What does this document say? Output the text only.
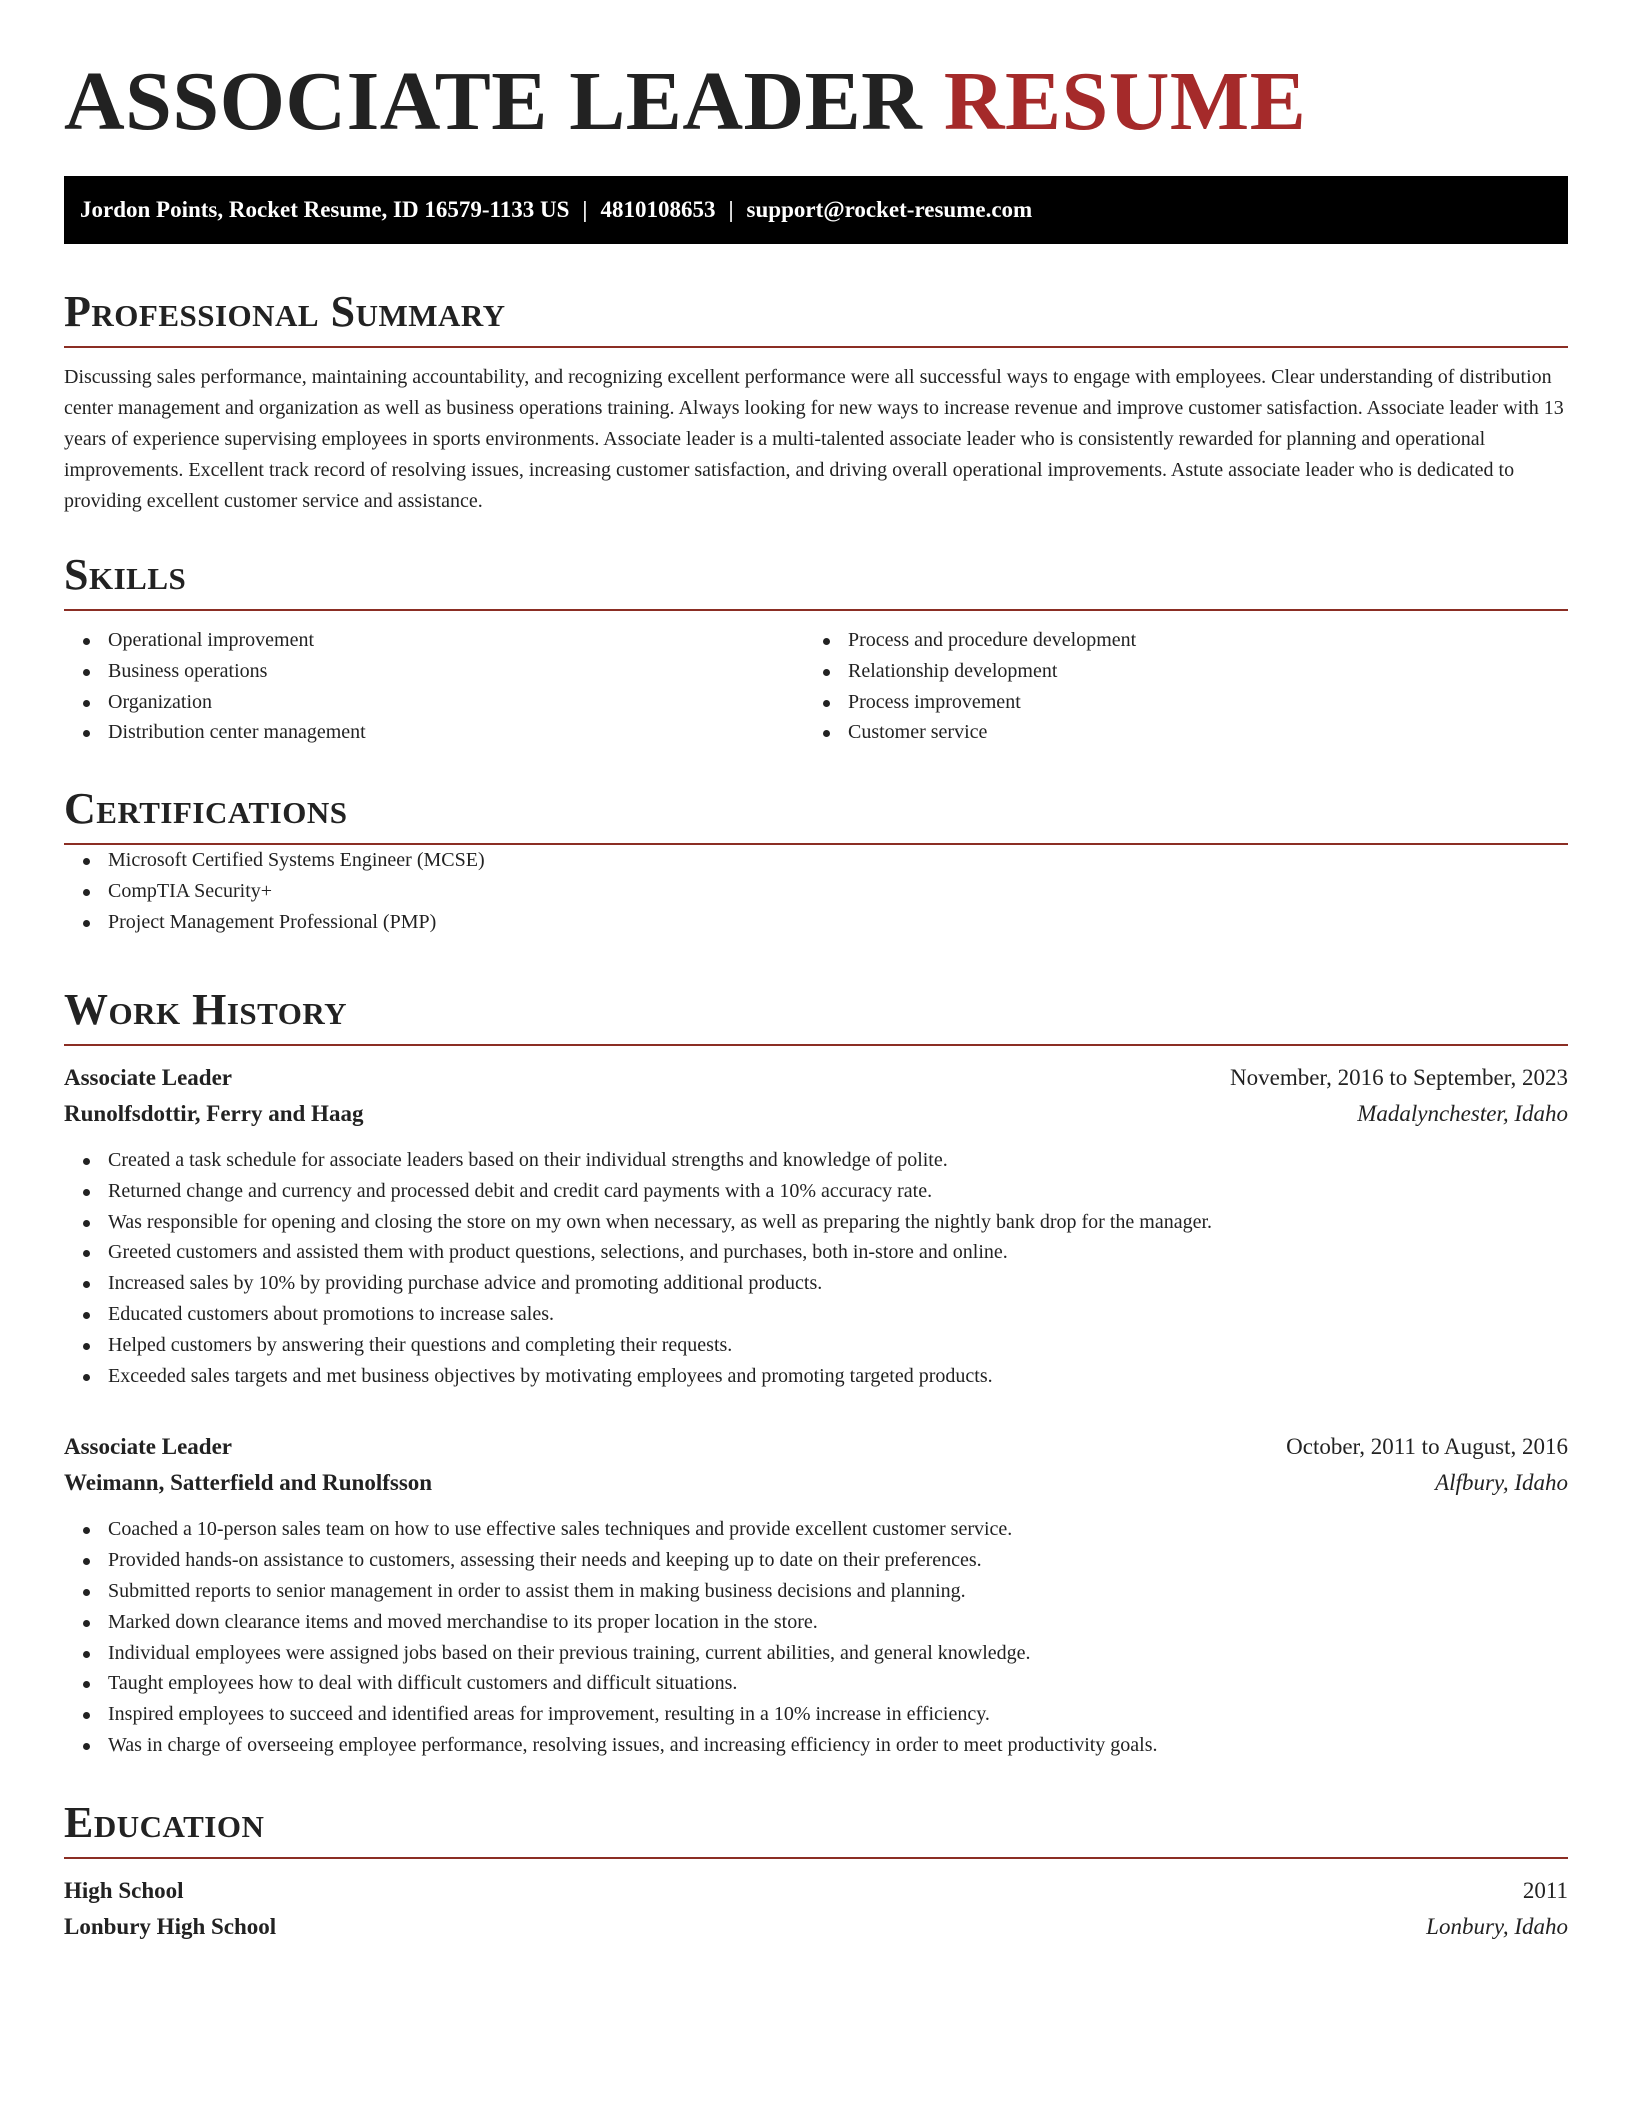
ASSOCIATE LEADER RESUME
Jordon Points, Rocket Resume, ID 16579-1133 US | 4810108653 | support@rocket-resume.com
Professional Summary

Discussing sales performance, maintaining accountability, and recognizing excellent performance were all successful ways to engage with employees. Clear understanding of distribution center management and organization as well as business operations training. Always looking for new ways to increase revenue and improve customer satisfaction. Associate leader with 13 years of experience supervising employees in sports environments. Associate leader is a multi-talented associate leader who is consistently rewarded for planning and operational improvements. Excellent track record of resolving issues, increasing customer satisfaction, and driving overall operational improvements. Astute associate leader who is dedicated to providing excellent customer service and assistance.

Skills
Operational improvement
Business operations
Organization
Distribution center management
Process and procedure development
Relationship development
Process improvement
Customer service
Certifications
Microsoft Certified Systems Engineer (MCSE)
CompTIA Security+
Project Management Professional (PMP)
Work History
Associate Leader	November, 2016 to September, 2023
Runolfsdottir, Ferry and Haag	Madalynchester, Idaho
Created a task schedule for associate leaders based on their individual strengths and knowledge of polite.
Returned change and currency and processed debit and credit card payments with a 10% accuracy rate.
Was responsible for opening and closing the store on my own when necessary, as well as preparing the nightly bank drop for the manager.
Greeted customers and assisted them with product questions, selections, and purchases, both in-store and online.
Increased sales by 10% by providing purchase advice and promoting additional products.
Educated customers about promotions to increase sales.
Helped customers by answering their questions and completing their requests.
Exceeded sales targets and met business objectives by motivating employees and promoting targeted products.
Associate Leader	October, 2011 to August, 2016
Weimann, Satterfield and Runolfsson	Alfbury, Idaho
Coached a 10-person sales team on how to use effective sales techniques and provide excellent customer service.
Provided hands-on assistance to customers, assessing their needs and keeping up to date on their preferences.
Submitted reports to senior management in order to assist them in making business decisions and planning.
Marked down clearance items and moved merchandise to its proper location in the store.
Individual employees were assigned jobs based on their previous training, current abilities, and general knowledge.
Taught employees how to deal with difficult customers and difficult situations.
Inspired employees to succeed and identified areas for improvement, resulting in a 10% increase in efficiency.
Was in charge of overseeing employee performance, resolving issues, and increasing efficiency in order to meet productivity goals.
Education
High School	2011
Lonbury High School	Lonbury, Idaho
